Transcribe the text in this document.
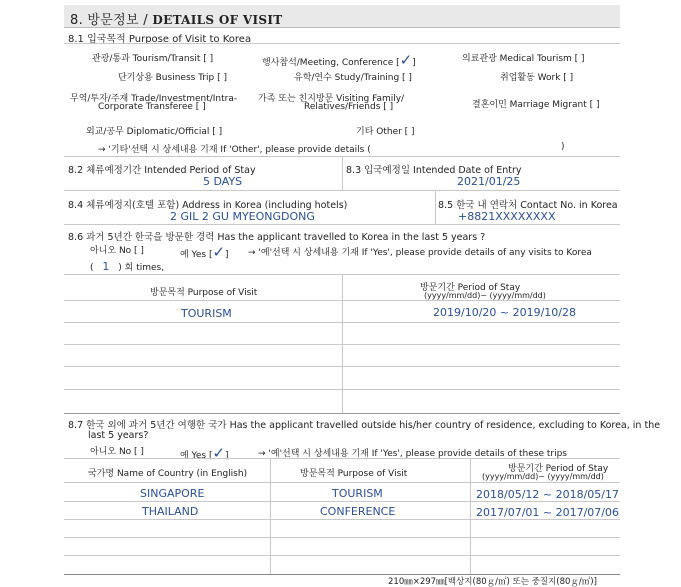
8. 방문정보 / DETAILS OF VISIT
8.1 입국목적 Purpose of Visit to Korea
관광/통과 Tourism/Transit [ ]	행사참석/Meeting, Conference [✓]	의료관광 Medical Tourism [ ]
단기상용 Business Trip [ ]	유학/연수 Study/Training [ ]	취업활동 Work [ ]
무역/투자/주재 Trade/Investment/Intra-
Corporate Transferee [ ]
가족 또는 친지방문 Visiting Family/
Relatives/Friends [ ]	결혼이민 Marriage Migrant [ ]
외교/공무 Diplomatic/Official [ ]	기타 Other [ ]
→ '기타'선택 시 상세내용 기재 If 'Other', please provide details (	)
8.2 체류예정기간 Intended Period of Stay
5 DAYS
8.3 입국예정일 Intended Date of Entry
2021/01/25
8.4 체류예정지(호텔 포함) Address in Korea (including hotels)
2 GIL 2 GU MYEONGDONG
8.5 한국 내 연락처 Contact No. in Korea
+8821XXXXXXXX
8.6 과거 5년간 한국을 방문한 경력 Has the applicant travelled to Korea in the last 5 years ?
아니오 No [ ]	예 Yes [✓] → '예'선택 시 상세내용 기재 If 'Yes', please provide details of any visits to Korea
( 1 ) 회 times,
방문목적 Purpose of Visit	방문기간 Period of Stay
(yyyy/mm/dd)~ (yyyy/mm/dd)
TOURISM	2019/10/20 ~ 2019/10/28
8.7 한국 외에 과거 5년간 여행한 국가 Has the applicant travelled outside his/her country of residence, excluding to Korea, in the
last 5 years?
아니오 No [ ]	예 Yes [✓]	→ '예'선택 시 상세내용 기재 If 'Yes', please provide details of these trips
국가명 Name of Country (in English)	방문목적 Purpose of Visit	방문기간 Period of Stay
(yyyy/mm/dd)~ (yyyy/mm/dd)
SINGAPORE	TOURISM	2018/05/12 ~ 2018/05/17
THAILAND	CONFERENCE	2017/07/01 ~ 2017/07/06
210㎜×297㎜[백상지(80ｇ/㎡) 또는 중질지(80ｇ/㎡)]
